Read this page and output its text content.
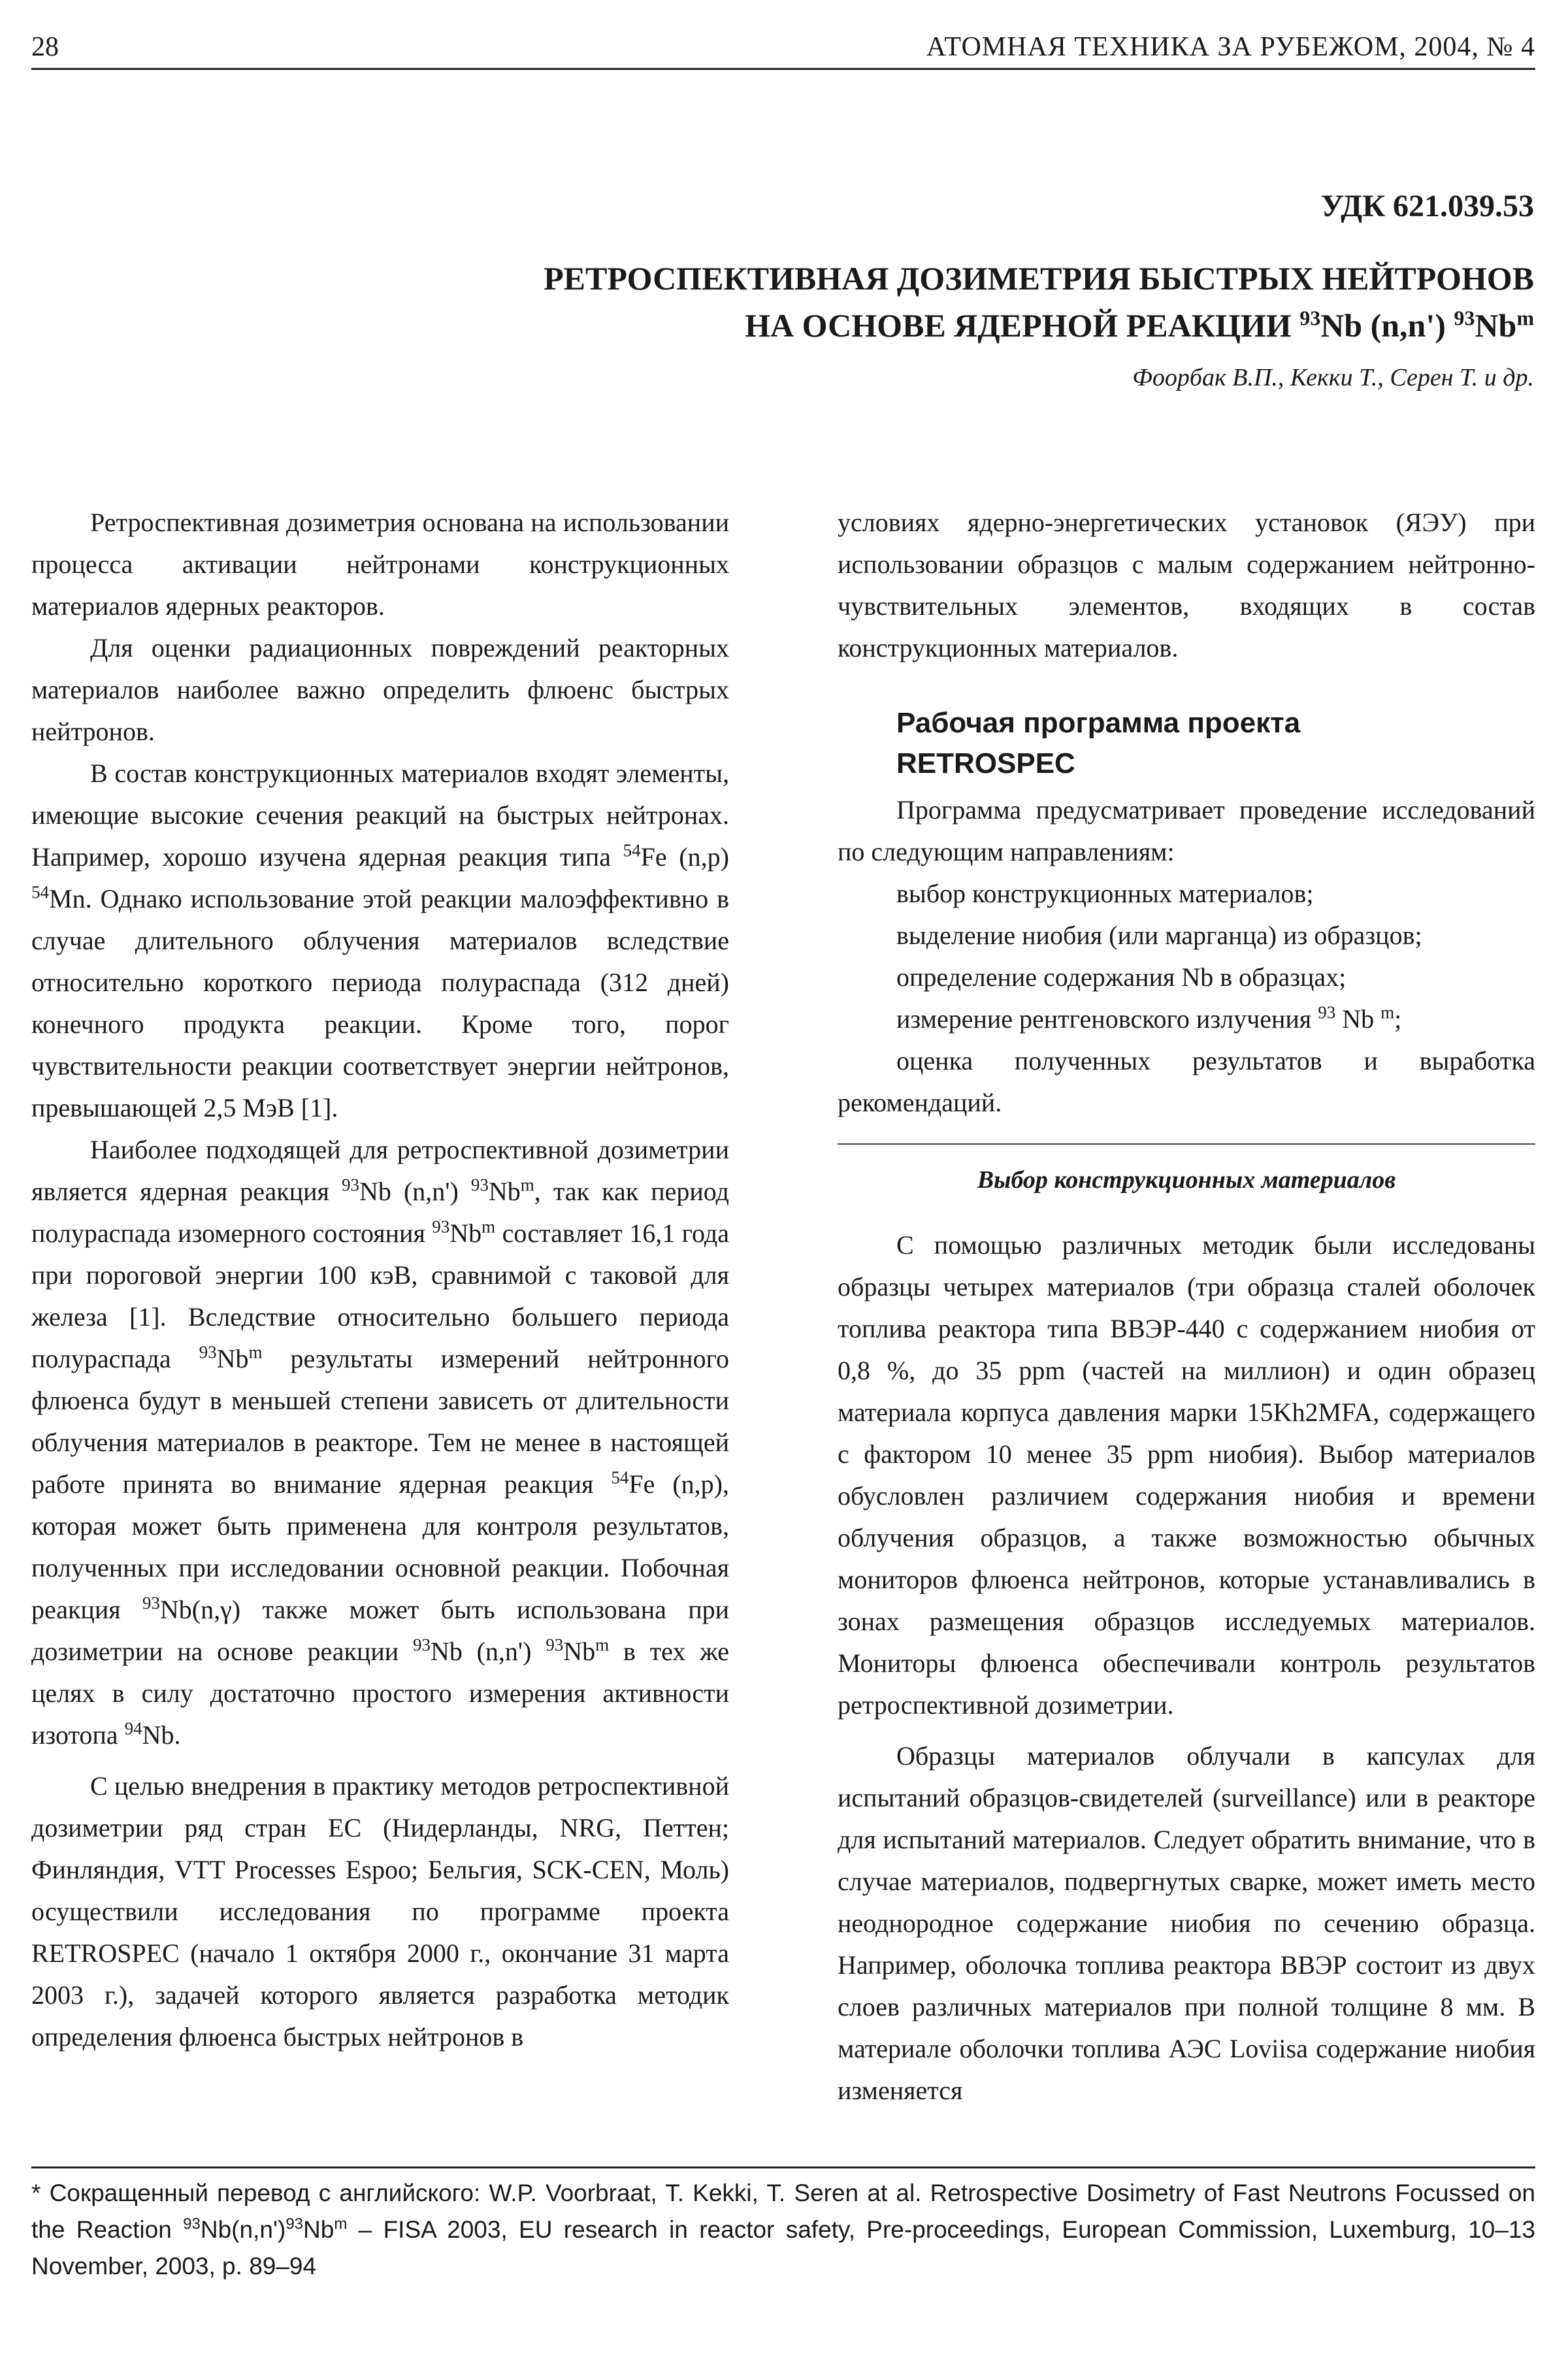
28	АТОМНАЯ ТЕХНИКА ЗА РУБЕЖОМ, 2004, № 4
УДК 621.039.53
РЕТРОСПЕКТИВНАЯ ДОЗИМЕТРИЯ БЫСТРЫХ НЕЙТРОНОВ
НА ОСНОВЕ ЯДЕРНОЙ РЕАКЦИИ $^{93}$Nb (n,n') $^{93}$Nb$^m$
Фоорбак В.П., Кекки Т., Серен Т. и др.

Ретроспективная дозиметрия основана на использовании процесса активации нейтронами конструкционных материалов ядерных реакторов.

Для оценки радиационных повреждений реакторных материалов наиболее важно определить флюенс быстрых нейтронов.

В состав конструкционных материалов входят элементы, имеющие высокие сечения реакций на быстрых нейтронах. Например, хорошо изучена ядерная реакция типа $^{54}$Fe (n,p) $^{54}$Mn. Однако использование этой реакции малоэффективно в случае длительного облучения материалов вследствие относительно короткого периода полураспада (312 дней) конечного продукта реакции. Кроме того, порог чувствительности реакции соответствует энергии нейтронов, превышающей 2,5 МэВ [1].

Наиболее подходящей для ретроспективной дозиметрии является ядерная реакция $^{93}$Nb (n,n') $^{93}$Nb$^m$, так как период полураспада изомерного состояния $^{93}$Nb$^m$ составляет 16,1 года при пороговой энергии 100 кэВ, сравнимой с таковой для железа [1]. Вследствие относительно большего периода полураспада $^{93}$Nb$^m$ результаты измерений нейтронного флюенса будут в меньшей степени зависеть от длительности облучения материалов в реакторе. Тем не менее в настоящей работе принята во внимание ядерная реакция $^{54}$Fe (n,p), которая может быть применена для контроля результатов, полученных при исследовании основной реакции. Побочная реакция $^{93}$Nb(n,γ) также может быть использована при дозиметрии на основе реакции $^{93}$Nb (n,n') $^{93}$Nb$^m$ в тех же целях в силу достаточно простого измерения активности изотопа $^{94}$Nb.

С целью внедрения в практику методов ретроспективной дозиметрии ряд стран ЕС (Нидерланды, NRG, Петтен; Финляндия, VTT Processes Espoo; Бельгия, SCK-CEN, Моль) осуществили исследования по программе проекта RETROSPEC (начало 1 октября 2000 г., окончание 31 марта 2003 г.), задачей которого является разработка методик определения флюенса быстрых нейтронов в

условиях ядерно-энергетических установок (ЯЭУ) при использовании образцов с малым содержанием нейтронно-чувствительных элементов, входящих в состав конструкционных материалов.

Рабочая программа проекта
RETROSPEC

Программа предусматривает проведение исследований по следующим направлениям:

выбор конструкционных материалов;
выделение ниобия (или марганца) из образцов;
определение содержания Nb в образцах;
измерение рентгеновского излучения $^{93}$ Nb $^m$;

оценка полученных результатов и выработка рекомендаций.

Выбор конструкционных материалов

С помощью различных методик были исследованы образцы четырех материалов (три образца сталей оболочек топлива реактора типа ВВЭР-440 с содержанием ниобия от 0,8 %, до 35 ppm (частей на миллион) и один образец материала корпуса давления марки 15Kh2MFA, содержащего с фактором 10 менее 35 ppm ниобия). Выбор материалов обусловлен различием содержания ниобия и времени облучения образцов, а также возможностью обычных мониторов флюенса нейтронов, которые устанавливались в зонах размещения образцов исследуемых материалов. Мониторы флюенса обеспечивали контроль результатов ретроспективной дозиметрии.

Образцы материалов облучали в капсулах для испытаний образцов-свидетелей (surveillance) или в реакторе для испытаний материалов. Следует обратить внимание, что в случае материалов, подвергнутых сварке, может иметь место неоднородное содержание ниобия по сечению образца. Например, оболочка топлива реактора ВВЭР состоит из двух слоев различных материалов при полной толщине 8 мм. В материале оболочки топлива АЭС Loviisa содержание ниобия изменяется

* Сокращенный перевод с английского: W.P. Voorbraat, T. Kekki, T. Seren at al. Retrospective Dosimetry of Fast Neutrons Focussed on the Reaction $^{93}Nb(n,n')^{93}Nb^m$ – FISA 2003, EU research in reactor safety, Pre-proceedings, European Commission, Luxemburg, 10–13 November, 2003, p. 89–94
